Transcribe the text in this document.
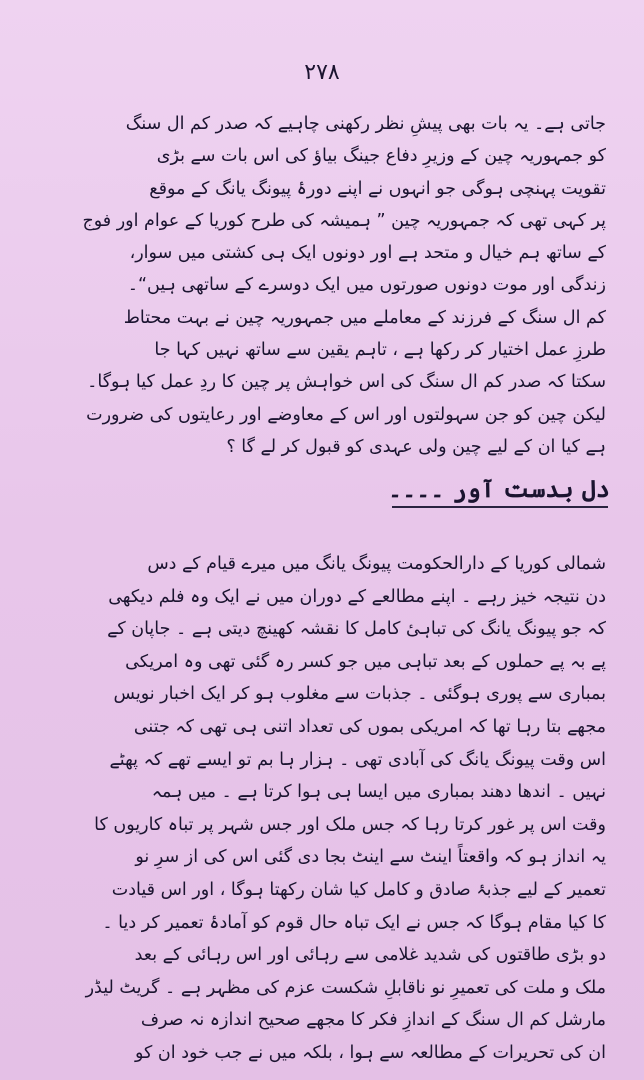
۲۷۸

جاتی ہے۔ یہ بات بھی پیشِ نظر رکھنی چاہیے کہ صدر کم ال سنگ

کو جمہوریہ چین کے وزیرِ دفاع جینگ بیاؤ کی اس بات سے بڑی

تقویت پہنچی ہوگی جو انہوں نے اپنے دورۂ پیونگ یانگ کے موقع

پر کہی تھی کہ جمہوریہ چین ” ہمیشہ کی طرح کوریا کے عوام اور فوج

کے ساتھ ہم خیال و متحد ہے اور دونوں ایک ہی کشتی میں سوار،

زندگی اور موت دونوں صورتوں میں ایک دوسرے کے ساتھی ہیں“۔

کم ال سنگ کے فرزند کے معاملے میں جمہوریہ چین نے بہت محتاط

طرزِ عمل اختیار کر رکھا ہے ، تاہم یقین سے ساتھ نہیں کہا جا

سکتا کہ صدر کم ال سنگ کی اس خواہش پر چین کا ردِ عمل کیا ہوگا۔

لیکن چین کو جن سہولتوں اور اس کے معاوضے اور رعایتوں کی ضرورت

ہے کیا ان کے لیے چین ولی عہدی کو قبول کر لے گا ؟

دل بدست آور ۔۔۔۔

شمالی کوریا کے دارالحکومت پیونگ یانگ میں میرے قیام کے دس

دن نتیجہ خیز رہے ۔ اپنے مطالعے کے دوران میں نے ایک وہ فلم دیکھی

کہ جو پیونگ یانگ کی تباہیٔ کامل کا نقشہ کھینچ دیتی ہے ۔ جاپان کے

پے بہ پے حملوں کے بعد تباہی میں جو کسر رہ گئی تھی وہ امریکی

بمباری سے پوری ہوگئی ۔ جذبات سے مغلوب ہو کر ایک اخبار نویس

مجھے بتا رہا تھا کہ امریکی بموں کی تعداد اتنی ہی تھی کہ جتنی

اس وقت پیونگ یانگ کی آبادی تھی ۔ ہزار ہا بم تو ایسے تھے کہ پھٹے

نہیں ۔ اندھا دھند بمباری میں ایسا ہی ہوا کرتا ہے ۔ میں ہمہ

وقت اس پر غور کرتا رہا کہ جس ملک اور جس شہر پر تباہ کاریوں کا

یہ انداز ہو کہ واقعتاً اینٹ سے اینٹ بجا دی گئی اس کی از سرِ نو

تعمیر کے لیے جذبۂ صادق و کامل کیا شان رکھتا ہوگا ، اور اس قیادت

کا کیا مقام ہوگا کہ جس نے ایک تباہ حال قوم کو آمادۂ تعمیر کر دیا ۔

دو بڑی طاقتوں کی شدید غلامی سے رہائی اور اس رہائی کے بعد

ملک و ملت کی تعمیرِ نو ناقابلِ شکست عزم کی مظہر ہے ۔ گریٹ لیڈر

مارشل کم ال سنگ کے اندازِ فکر کا مجھے صحیح اندازہ نہ صرف

ان کی تحریرات کے مطالعہ سے ہوا ، بلکہ میں نے جب خود ان کو
